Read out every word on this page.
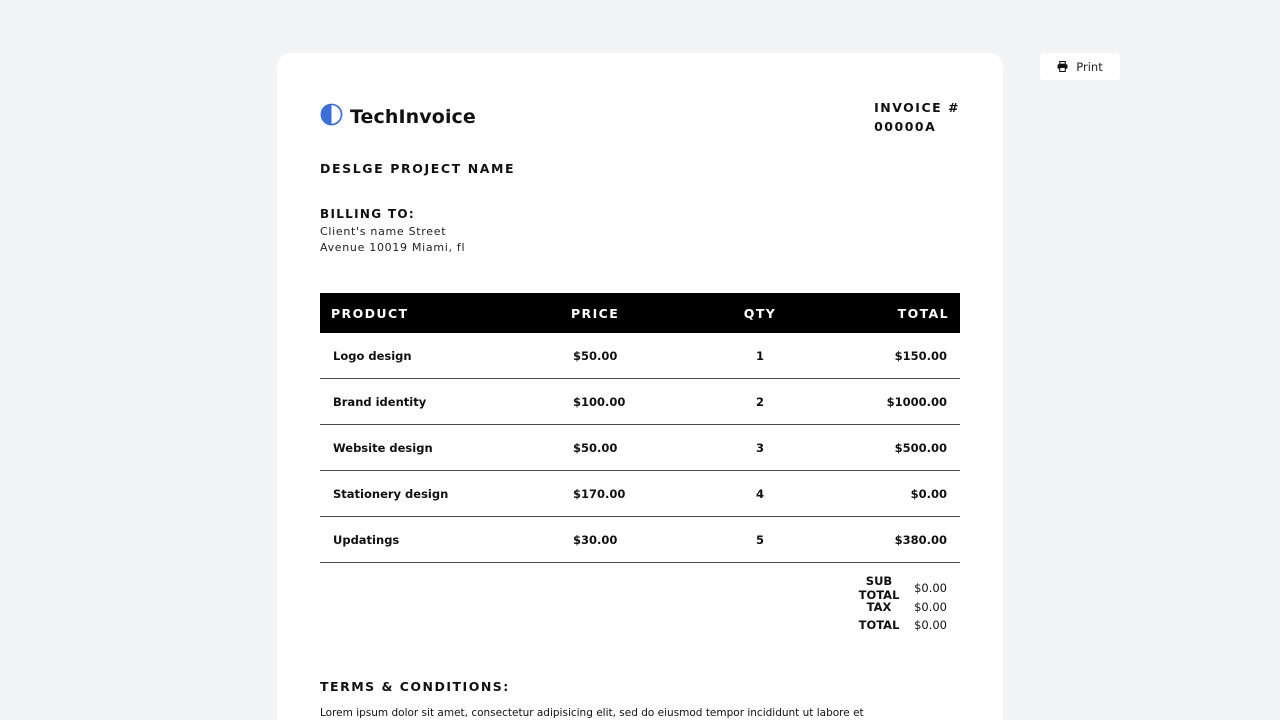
Print
TechInvoice	INVOICE #
00000A
DESLGE PROJECT NAME
BILLING TO:
Client's name Street
Avenue 10019 Miami, fl
PRODUCT	PRICE	QTY	TOTAL
Logo design	$50.00	1	$150.00
Brand identity	$100.00	2	$1000.00
Website design	$50.00	3	$500.00
Stationery design	$170.00	4	$0.00
Updatings	$30.00	5	$380.00
SUB TOTAL	$0.00
TAX	$0.00
TOTAL	$0.00
TERMS & CONDITIONS:
Lorem ipsum dolor sit amet, consectetur adipisicing elit, sed do eiusmod tempor incididunt ut labore et
